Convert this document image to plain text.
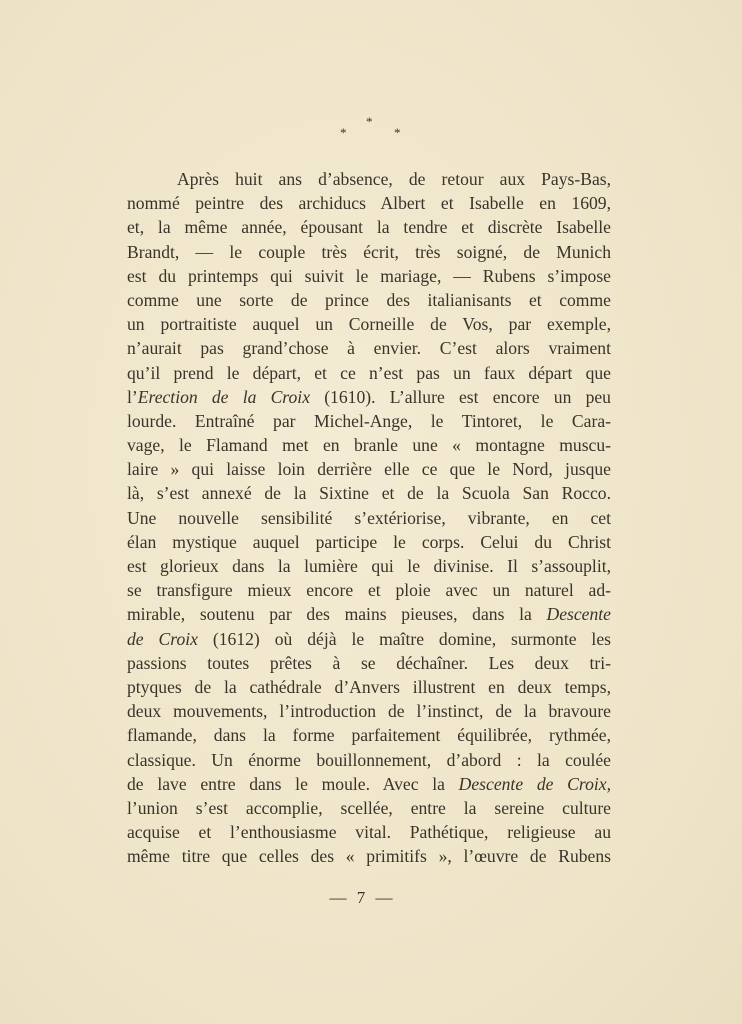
*
*	*
Après huit ans d’absence, de retour aux Pays-Bas,
nommé peintre des archiducs Albert et Isabelle en 1609,
et, la même année, épousant la tendre et discrète Isabelle
Brandt, — le couple très écrit, très soigné, de Munich
est du printemps qui suivit le mariage, — Rubens s’impose
comme une sorte de prince des italianisants et comme
un portraitiste auquel un Corneille de Vos, par exemple,
n’aurait pas grand’chose à envier. C’est alors vraiment
qu’il prend le départ, et ce n’est pas un faux départ que
l’Erection de la Croix (1610). L’allure est encore un peu
lourde. Entraîné par Michel-Ange, le Tintoret, le Cara-
vage, le Flamand met en branle une « montagne muscu-
laire » qui laisse loin derrière elle ce que le Nord, jusque
là, s’est annexé de la Sixtine et de la Scuola San Rocco.
Une nouvelle sensibilité s’extériorise, vibrante, en cet
élan mystique auquel participe le corps. Celui du Christ
est glorieux dans la lumière qui le divinise. Il s’assouplit,
se transfigure mieux encore et ploie avec un naturel ad-
mirable, soutenu par des mains pieuses, dans la Descente
de Croix (1612) où déjà le maître domine, surmonte les
passions toutes prêtes à se déchaîner. Les deux tri-
ptyques de la cathédrale d’Anvers illustrent en deux temps,
deux mouvements, l’introduction de l’instinct, de la bravoure
flamande, dans la forme parfaitement équilibrée, rythmée,
classique. Un énorme bouillonnement, d’abord : la coulée
de lave entre dans le moule. Avec la Descente de Croix,
l’union s’est accomplie, scellée, entre la sereine culture
acquise et l’enthousiasme vital. Pathétique, religieuse au
même titre que celles des « primitifs », l’œuvre de Rubens
— 7 —
